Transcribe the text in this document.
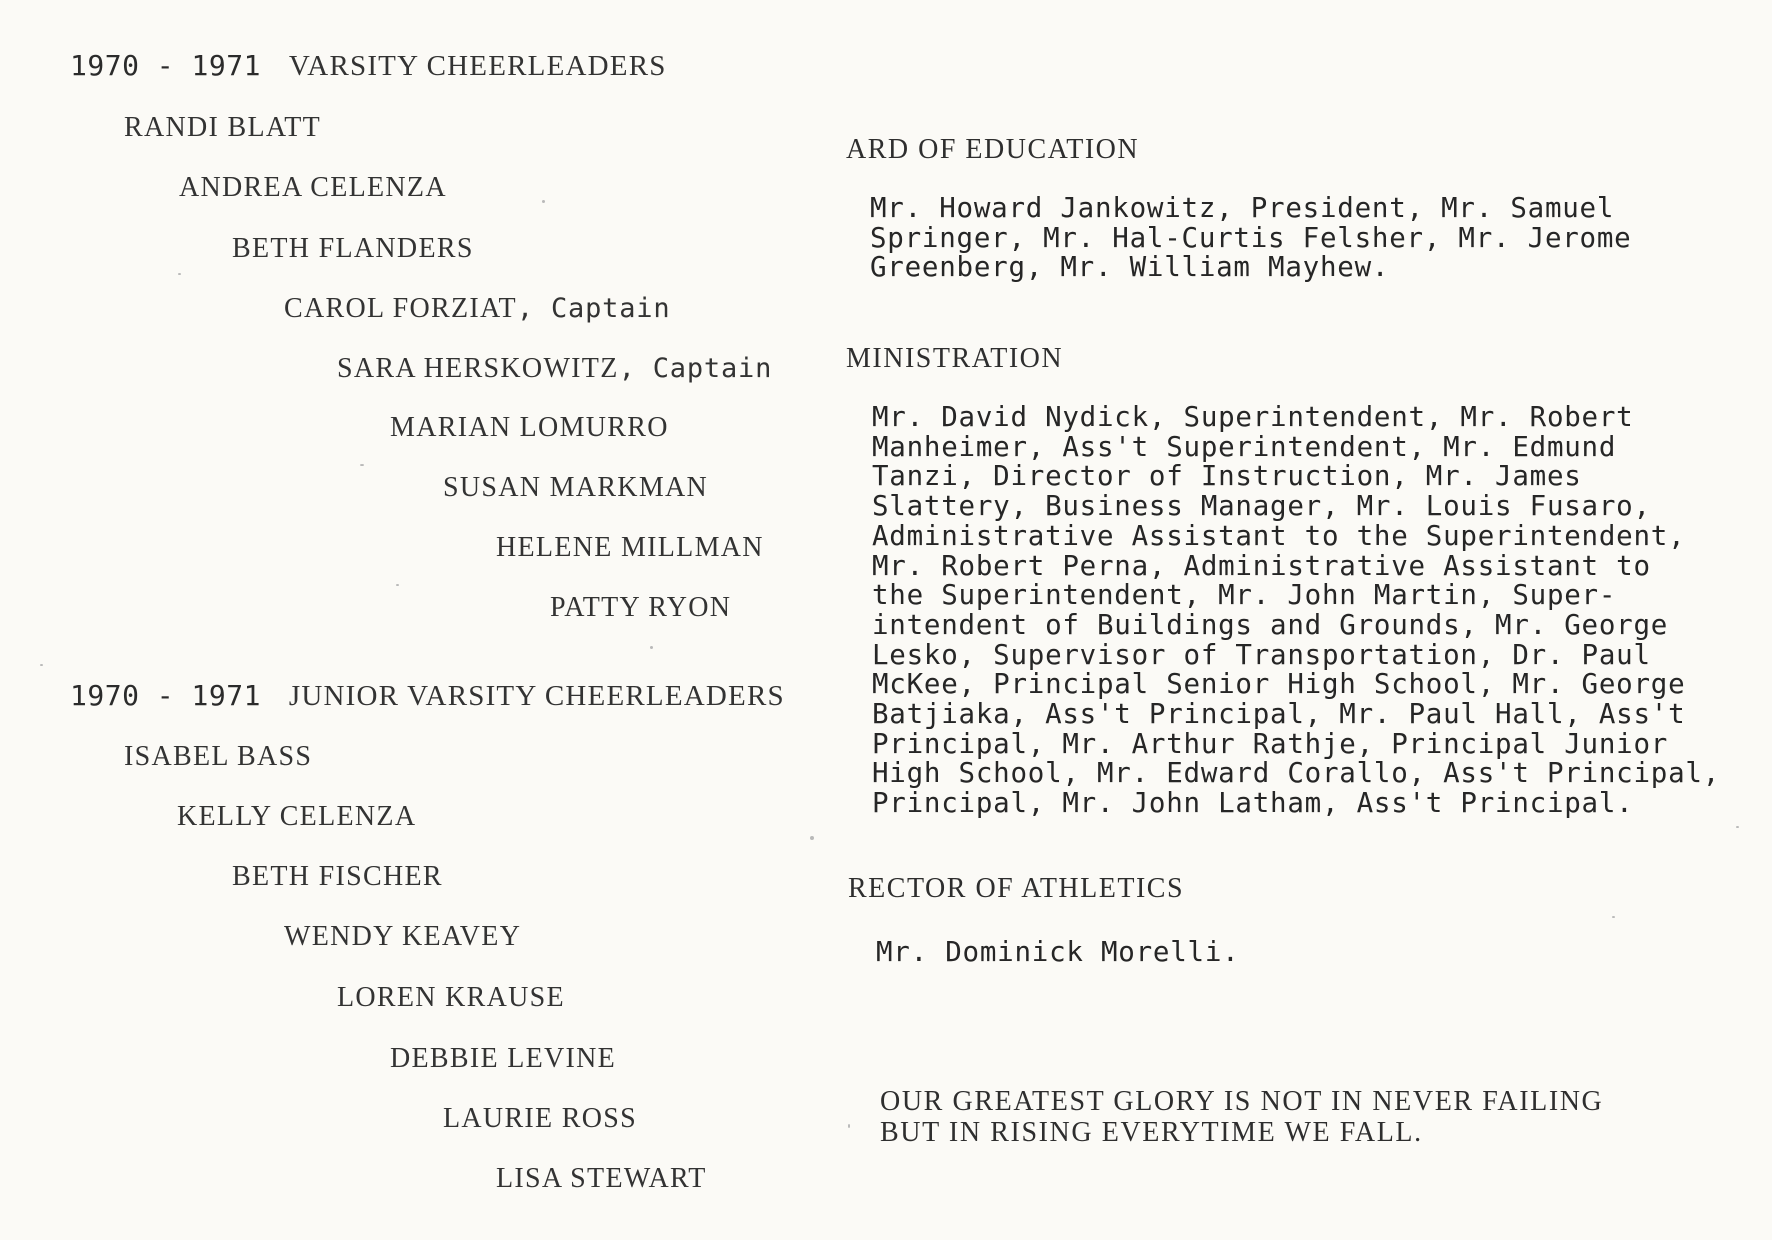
1970 - 1971 VARSITY CHEERLEADERS
RANDI BLATT
ANDREA CELENZA
BETH FLANDERS
CAROL FORZIAT, Captain
SARA HERSKOWITZ, Captain
MARIAN LOMURRO
SUSAN MARKMAN
HELENE MILLMAN
PATTY RYON
1970 - 1971 JUNIOR VARSITY CHEERLEADERS
ISABEL BASS
KELLY CELENZA
BETH FISCHER
WENDY KEAVEY
LOREN KRAUSE
DEBBIE LEVINE
LAURIE ROSS
LISA STEWART
ARD OF EDUCATION
Mr. Howard Jankowitz, President, Mr. Samuel
Springer, Mr. Hal-Curtis Felsher, Mr. Jerome
Greenberg, Mr. William Mayhew.
MINISTRATION
Mr. David Nydick, Superintendent, Mr. Robert
Manheimer, Ass't Superintendent, Mr. Edmund
Tanzi, Director of Instruction, Mr. James
Slattery, Business Manager, Mr. Louis Fusaro,
Administrative Assistant to the Superintendent,
Mr. Robert Perna, Administrative Assistant to
the Superintendent, Mr. John Martin, Super-
intendent of Buildings and Grounds, Mr. George
Lesko, Supervisor of Transportation, Dr. Paul
McKee, Principal Senior High School, Mr. George
Batjiaka, Ass't Principal, Mr. Paul Hall, Ass't
Principal, Mr. Arthur Rathje, Principal Junior
High School, Mr. Edward Corallo, Ass't Principal,
Principal, Mr. John Latham, Ass't Principal.
RECTOR OF ATHLETICS
Mr. Dominick Morelli.
OUR GREATEST GLORY IS NOT IN NEVER FAILING
BUT IN RISING EVERYTIME WE FALL.
